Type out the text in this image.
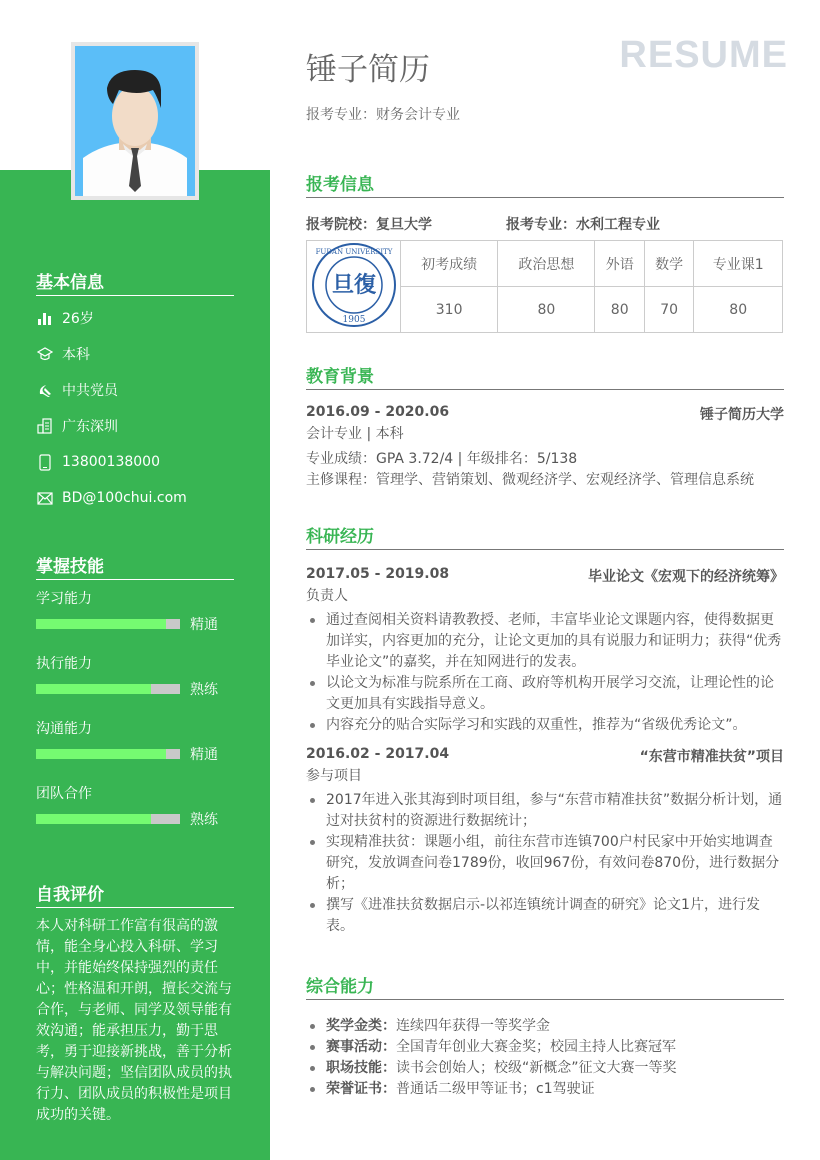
基本信息
26岁
本科
中共党员
广东深圳
13800138000
BD@100chui.com
掌握技能
学习能力
精通
执行能力
熟练
沟通能力
精通
团队合作
熟练
自我评价
本人对科研工作富有很高的激情，能全身心投入科研、学习中，并能始终保持强烈的责任心；性格温和开朗，擅长交流与合作，与老师、同学及领导能有效沟通；能承担压力，勤于思考，勇于迎接新挑战，善于分析与解决问题；坚信团队成员的执行力、团队成员的积极性是项目成功的关键。
锤子简历	RESUME
报考专业：财务会计专业
报考信息
报考院校：复旦大学	报考专业：水利工程专业
旦復
1905
FUDAN UNIVERSITY	初考成绩	政治思想	外语	数学	专业课1
	310	80	80	70	80
教育背景
2016.09 - 2020.06	锤子简历大学
会计专业 | 本科
专业成绩：GPA 3.72/4 | 年级排名：5/138
主修课程：管理学、营销策划、微观经济学、宏观经济学、管理信息系统
科研经历
2017.05 - 2019.08	毕业论文《宏观下的经济统筹》
负责人
通过查阅相关资料请教教授、老师，丰富毕业论文课题内容，使得数据更加详实，内容更加的充分，让论文更加的具有说服力和证明力；获得“优秀毕业论文”的嘉奖，并在知网进行的发表。
以论文为标准与院系所在工商、政府等机构开展学习交流，让理论性的论文更加具有实践指导意义。
内容充分的贴合实际学习和实践的双重性，推荐为“省级优秀论文”。
2016.02 - 2017.04	“东营市精准扶贫”项目
参与项目
2017年进入张其海到时项目组，参与“东营市精准扶贫”数据分析计划，通过对扶贫村的资源进行数据统计；
实现精准扶贫：课题小组，前往东营市连镇700户村民家中开始实地调查研究，发放调查问卷1789份，收回967份，有效问卷870份，进行数据分析；
撰写《进准扶贫数据启示-以祁连镇统计调查的研究》论文1片，进行发表。
综合能力
奖学金类：连续四年获得一等奖学金
赛事活动：全国青年创业大赛金奖；校园主持人比赛冠军
职场技能：读书会创始人；校级“新概念”征文大赛一等奖
荣誉证书：普通话二级甲等证书；c1驾驶证
